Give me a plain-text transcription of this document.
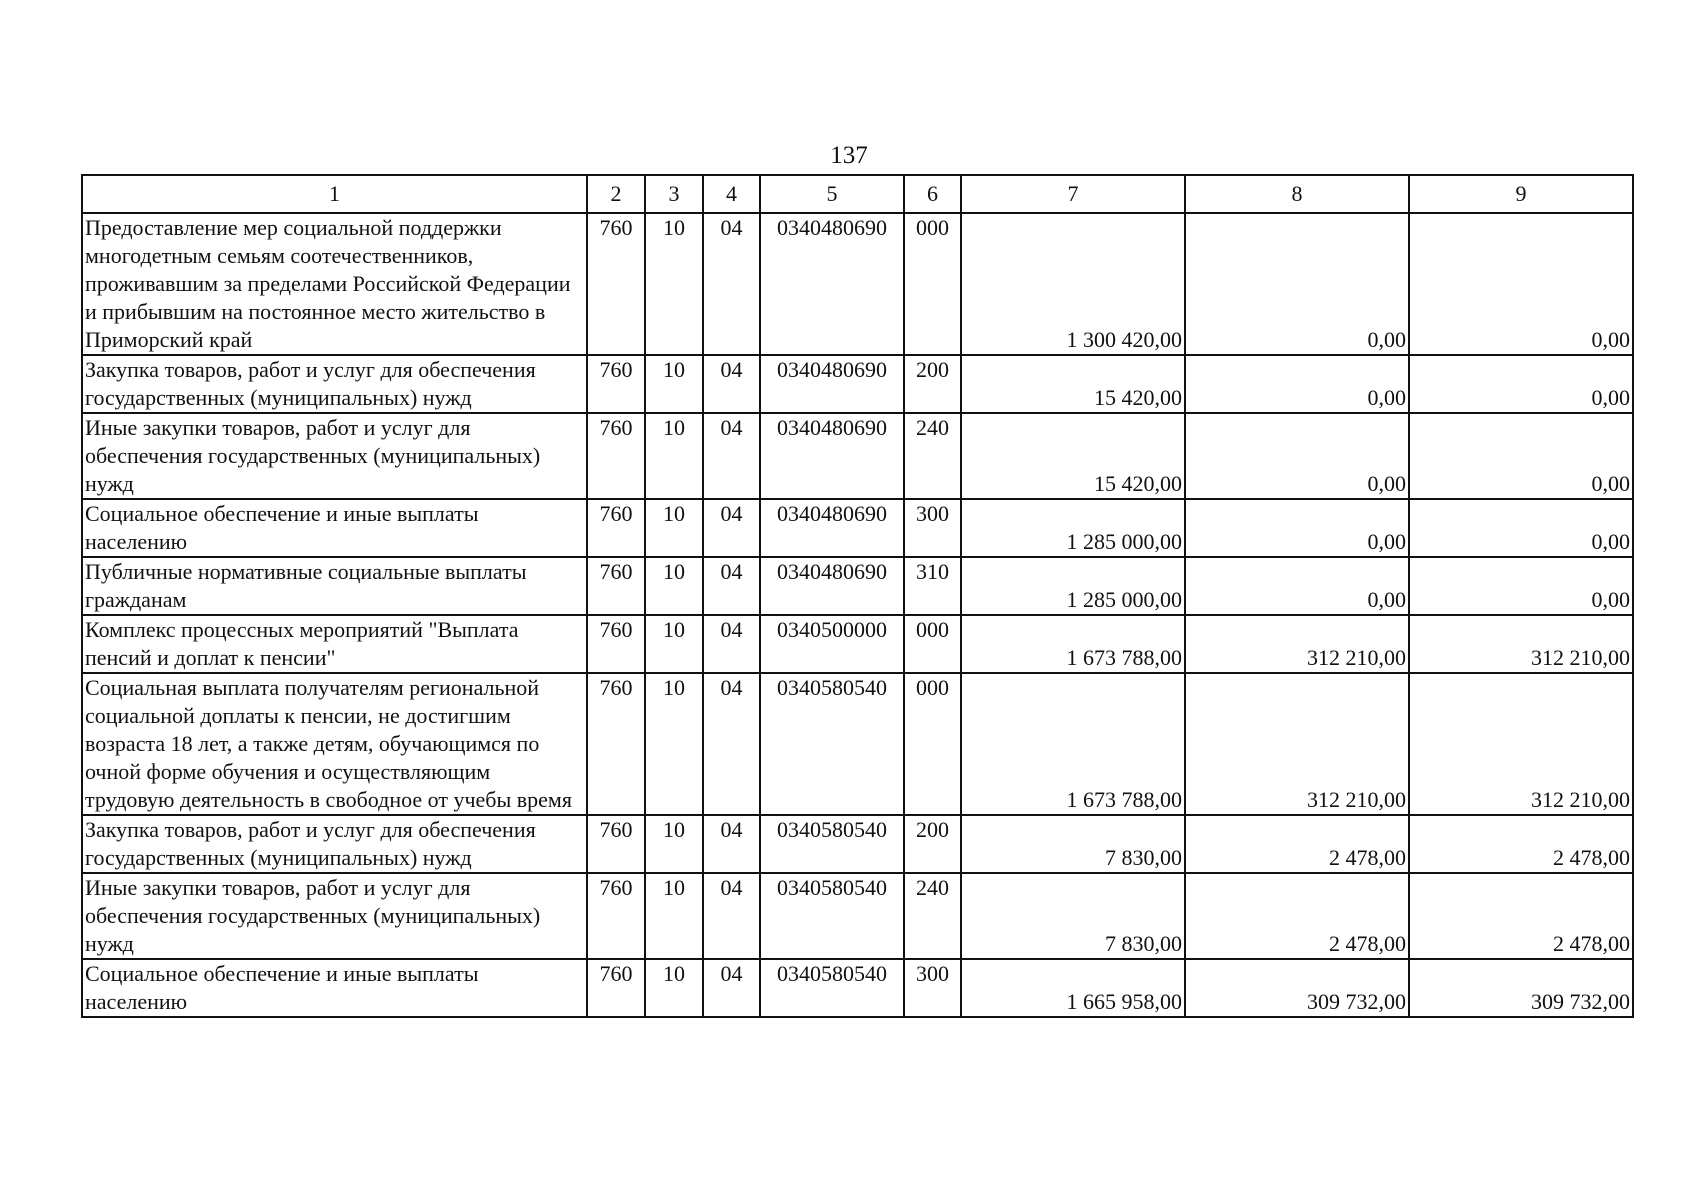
137
1	2	3	4	5	6	7	8	9
Предоставление мер социальной поддержки многодетным семьям соотечественников, проживавшим за пределами Российской Федерации и прибывшим на постоянное место жительство в Приморский край	760	10	04	0340480690	000	1 300 420,00	0,00	0,00
Закупка товаров, работ и услуг для обеспечения государственных (муниципальных) нужд	760	10	04	0340480690	200	15 420,00	0,00	0,00
Иные закупки товаров, работ и услуг для обеспечения государственных (муниципальных) нужд	760	10	04	0340480690	240	15 420,00	0,00	0,00
Социальное обеспечение и иные выплаты населению	760	10	04	0340480690	300	1 285 000,00	0,00	0,00
Публичные нормативные социальные выплаты гражданам	760	10	04	0340480690	310	1 285 000,00	0,00	0,00
Комплекс процессных мероприятий "Выплата пенсий и доплат к пенсии"	760	10	04	0340500000	000	1 673 788,00	312 210,00	312 210,00
Социальная выплата получателям региональной социальной доплаты к пенсии, не достигшим возраста 18 лет, а также детям, обучающимся по очной форме обучения и осуществляющим трудовую деятельность в свободное от учебы время	760	10	04	0340580540	000	1 673 788,00	312 210,00	312 210,00
Закупка товаров, работ и услуг для обеспечения государственных (муниципальных) нужд	760	10	04	0340580540	200	7 830,00	2 478,00	2 478,00
Иные закупки товаров, работ и услуг для обеспечения государственных (муниципальных) нужд	760	10	04	0340580540	240	7 830,00	2 478,00	2 478,00
Социальное обеспечение и иные выплаты населению	760	10	04	0340580540	300	1 665 958,00	309 732,00	309 732,00
